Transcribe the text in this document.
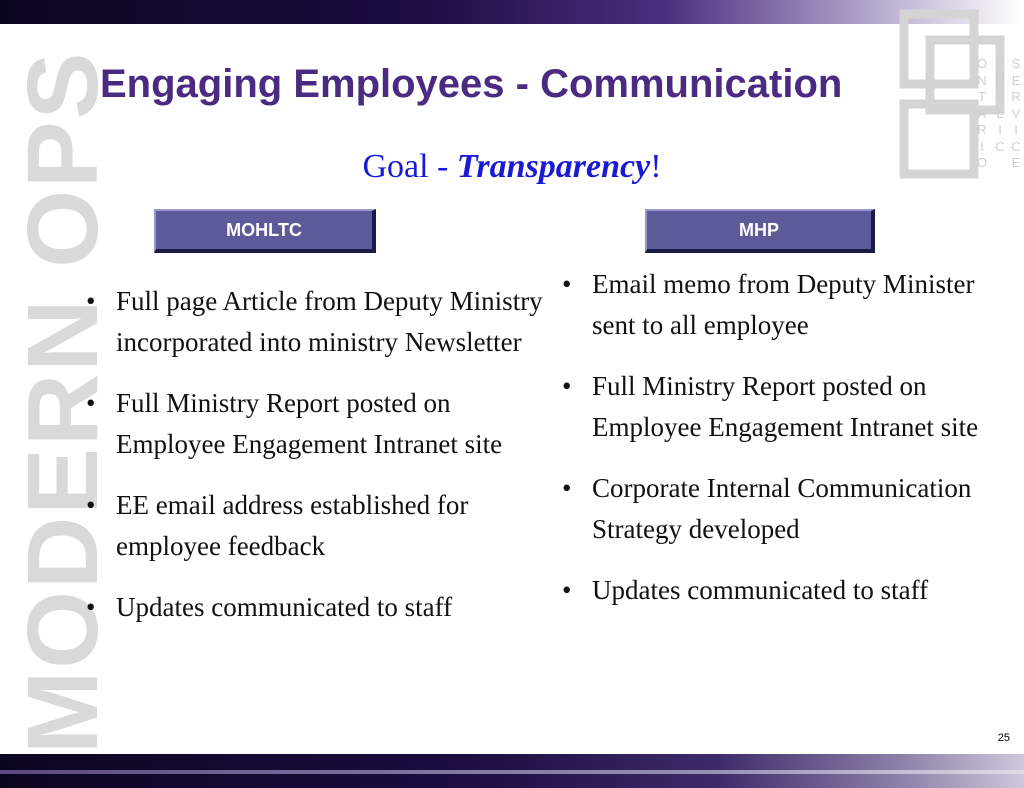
MODERN OPS	O
N
T
A
R
I
O
P
U
B
L
I
C
S
E
R
V
I
C
E
Engaging Employees - Communication
Goal - Transparency!
MOHLTC	MHP
• Full page Article from Deputy Ministry incorporated into ministry Newsletter
• Full Ministry Report posted on Employee Engagement Intranet site
• EE email address established for employee feedback
• Updates communicated to staff
• Email memo from Deputy Minister sent to all employee
• Full Ministry Report posted on Employee Engagement Intranet site
• Corporate Internal Communication Strategy developed
• Updates communicated to staff
25
